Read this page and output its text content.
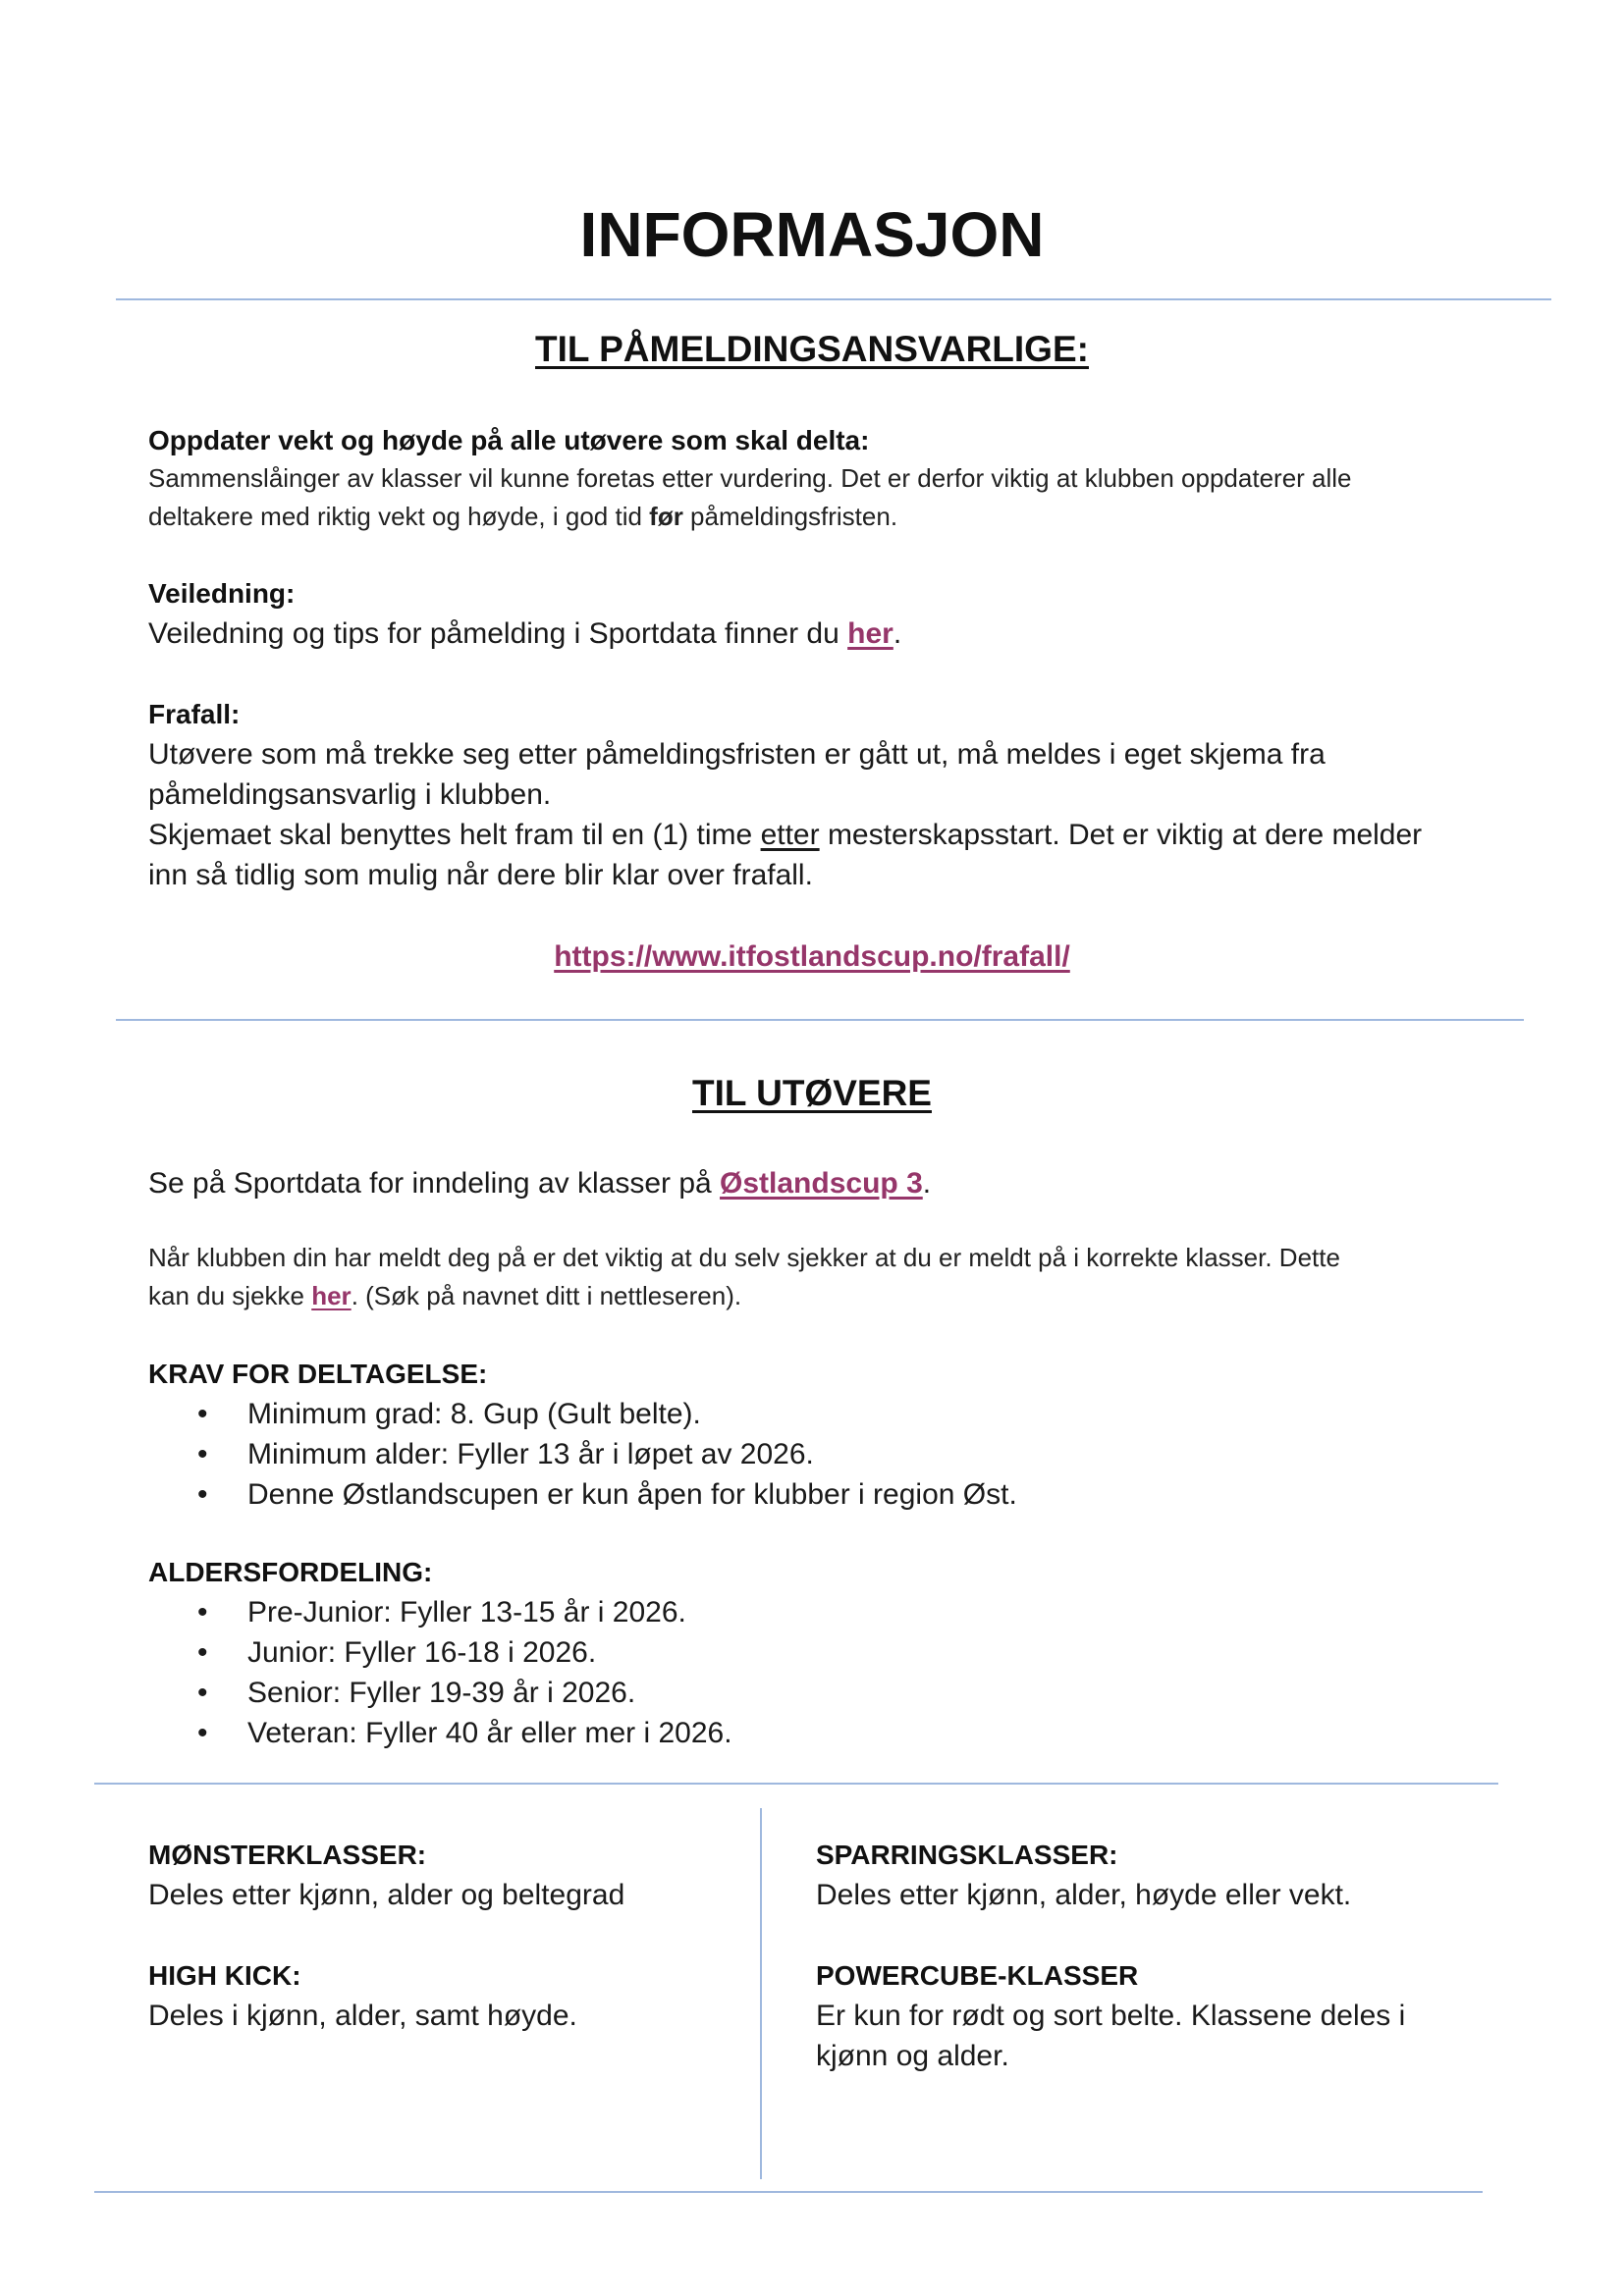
INFORMASJON
TIL PÅMELDINGSANSVARLIGE:
Oppdater vekt og høyde på alle utøvere som skal delta:
Sammenslåinger av klasser vil kunne foretas etter vurdering. Det er derfor viktig at klubben oppdaterer alle
deltakere med riktig vekt og høyde, i god tid før påmeldingsfristen.
Veiledning:
Veiledning og tips for påmelding i Sportdata finner du her.
Frafall:
Utøvere som må trekke seg etter påmeldingsfristen er gått ut, må meldes i eget skjema fra
påmeldingsansvarlig i klubben.
Skjemaet skal benyttes helt fram til en (1) time etter mesterskapsstart. Det er viktig at dere melder
inn så tidlig som mulig når dere blir klar over frafall.
https://www.itfostlandscup.no/frafall/
TIL UTØVERE
Se på Sportdata for inndeling av klasser på Østlandscup 3.
Når klubben din har meldt deg på er det viktig at du selv sjekker at du er meldt på i korrekte klasser. Dette
kan du sjekke her. (Søk på navnet ditt i nettleseren).
KRAV FOR DELTAGELSE:
• Minimum grad: 8. Gup (Gult belte).
• Minimum alder: Fyller 13 år i løpet av 2026.
• Denne Østlandscupen er kun åpen for klubber i region Øst.
ALDERSFORDELING:
• Pre-Junior: Fyller 13-15 år i 2026.
• Junior: Fyller 16-18 i 2026.
• Senior: Fyller 19-39 år i 2026.
• Veteran: Fyller 40 år eller mer i 2026.
MØNSTERKLASSER:
Deles etter kjønn, alder og beltegrad
HIGH KICK:
Deles i kjønn, alder, samt høyde.
SPARRINGSKLASSER:
Deles etter kjønn, alder, høyde eller vekt.
POWERCUBE-KLASSER
Er kun for rødt og sort belte. Klassene deles i
kjønn og alder.
